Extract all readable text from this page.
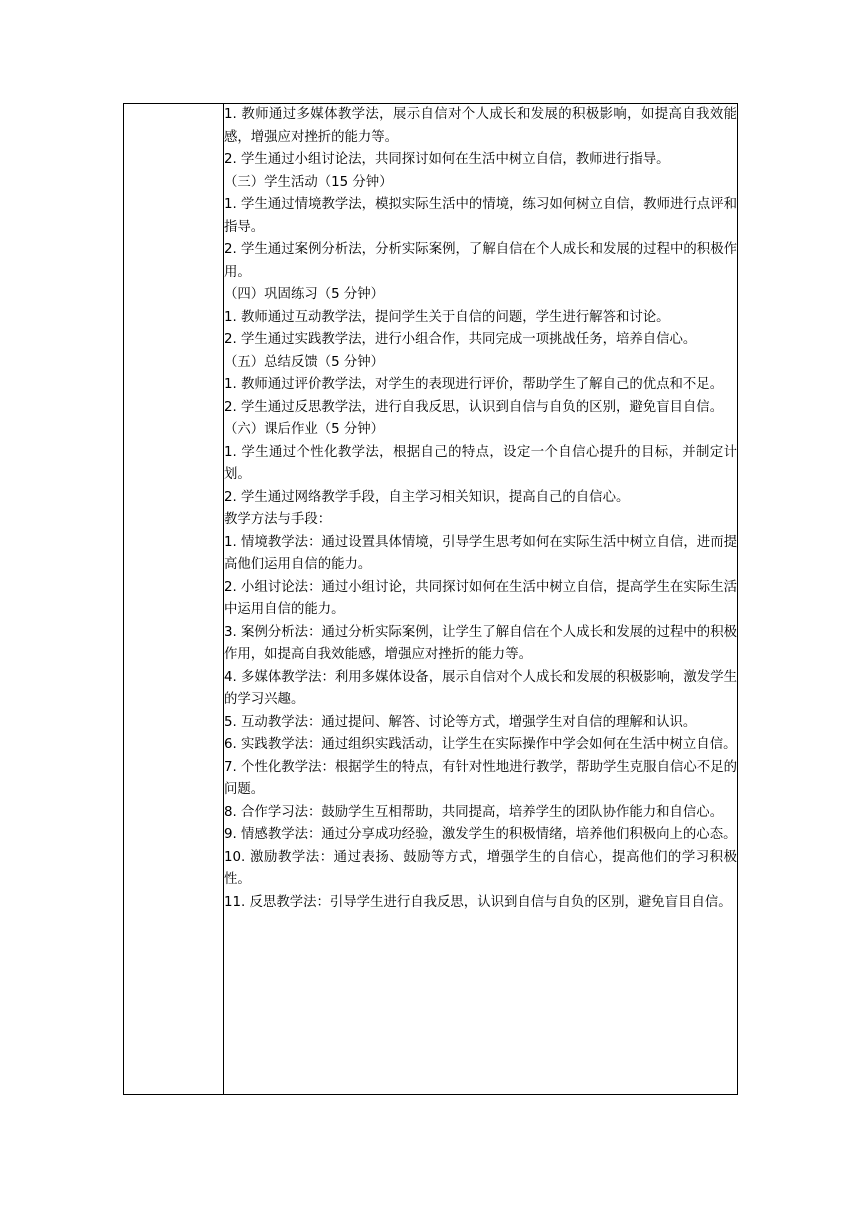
1. 教师通过多媒体教学法，展示自信对个人成长和发展的积极影响，如提高自我效能感，增强应对挫折的能力等。

2. 学生通过小组讨论法，共同探讨如何在生活中树立自信，教师进行指导。

（三）学生活动（15 分钟）

1. 学生通过情境教学法，模拟实际生活中的情境，练习如何树立自信，教师进行点评和指导。

2. 学生通过案例分析法，分析实际案例，了解自信在个人成长和发展的过程中的积极作用。

（四）巩固练习（5 分钟）

1. 教师通过互动教学法，提问学生关于自信的问题，学生进行解答和讨论。

2. 学生通过实践教学法，进行小组合作，共同完成一项挑战任务，培养自信心。

（五）总结反馈（5 分钟）

1. 教师通过评价教学法，对学生的表现进行评价，帮助学生了解自己的优点和不足。

2. 学生通过反思教学法，进行自我反思，认识到自信与自负的区别，避免盲目自信。

（六）课后作业（5 分钟）

1. 学生通过个性化教学法，根据自己的特点，设定一个自信心提升的目标，并制定计划。

2. 学生通过网络教学手段，自主学习相关知识，提高自己的自信心。

教学方法与手段：

1. 情境教学法：通过设置具体情境，引导学生思考如何在实际生活中树立自信，进而提高他们运用自信的能力。

2. 小组讨论法：通过小组讨论，共同探讨如何在生活中树立自信，提高学生在实际生活中运用自信的能力。

3. 案例分析法：通过分析实际案例，让学生了解自信在个人成长和发展的过程中的积极作用，如提高自我效能感，增强应对挫折的能力等。

4. 多媒体教学法：利用多媒体设备，展示自信对个人成长和发展的积极影响，激发学生的学习兴趣。

5. 互动教学法：通过提问、解答、讨论等方式，增强学生对自信的理解和认识。

6. 实践教学法：通过组织实践活动，让学生在实际操作中学会如何在生活中树立自信。

7. 个性化教学法：根据学生的特点，有针对性地进行教学，帮助学生克服自信心不足的问题。

8. 合作学习法：鼓励学生互相帮助，共同提高，培养学生的团队协作能力和自信心。

9. 情感教学法：通过分享成功经验，激发学生的积极情绪，培养他们积极向上的心态。

10. 激励教学法：通过表扬、鼓励等方式，增强学生的自信心，提高他们的学习积极性。

11. 反思教学法：引导学生进行自我反思，认识到自信与自负的区别，避免盲目自信。
